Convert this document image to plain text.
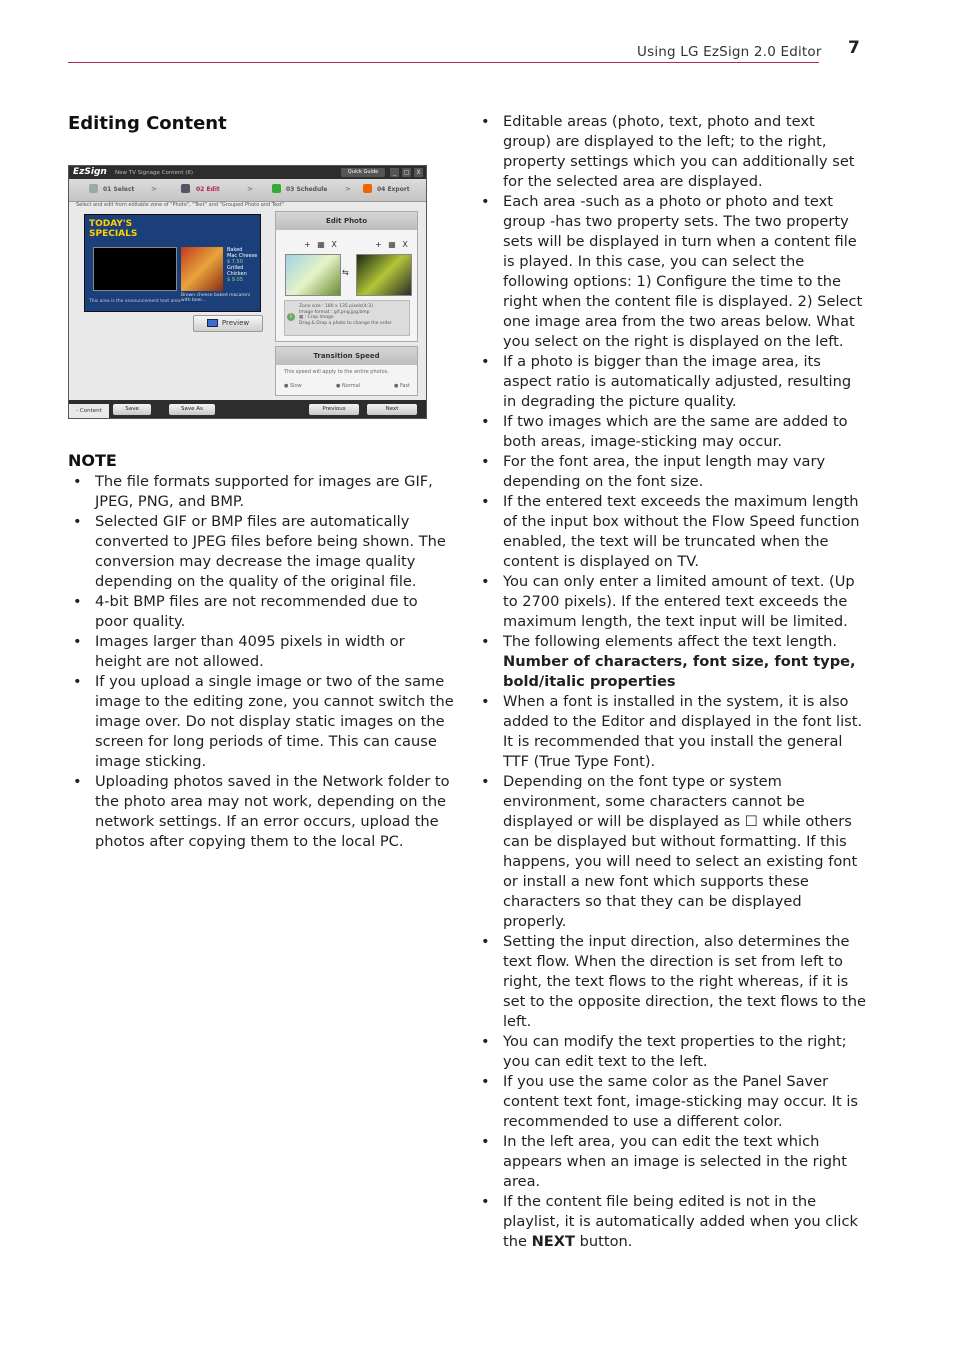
Using LG EzSign 2.0 Editor 7
Editing Content
EzSign New TV Signage Content (6)	Quick Guide	_	□	X
01 Select >	02 Edit	>	03 Schedule	>	04 Export
Select and edit from editable zone of "Photo", "Text" and "Grouped Photo and Text"
TODAY'S
SPECIALS
Baked
Mac Cheese
$ 7.50
Grilled
Chicken
$ 9.05
This area is the announcement text area
Brown cheese baked macaroni with beer...
Preview
Edit Photo
+ ▦ X	+ ▦ X
⇆
i
Zone size : 180 x 135 pixels(4:3)
Image format : gif,png,jpg,bmp
▦ : Crop Image
Drag & Drop a photo to change the order
Transition Speed
This speed will apply to the entire photos.
● Slow	● Normal	● Fast
- Content	Save	Save As	Previous	Next
NOTE
• The file formats supported for images are GIF, JPEG, PNG, and BMP.
• Selected GIF or BMP files are automatically converted to JPEG files before being shown. The conversion may decrease the image quality depending on the quality of the original file.
• 4-bit BMP files are not recommended due to poor quality.
• Images larger than 4095 pixels in width or height are not allowed.
• If you upload a single image or two of the same image to the editing zone, you cannot switch the image over. Do not display static images on the screen for long periods of time. This can cause image sticking.
• Uploading photos saved in the Network folder to the photo area may not work, depending on the network settings. If an error occurs, upload the photos after copying them to the local PC.
• Editable areas (photo, text, photo and text group) are displayed to the left; to the right, property settings which you can additionally set for the selected area are displayed.
• Each area -such as a photo or photo and text group -has two property sets. The two property sets will be displayed in turn when a content file is played. In this case, you can select the following options: 1) Configure the time to the right when the content file is displayed. 2) Select one image area from the two areas below. What you select on the right is displayed on the left.
• If a photo is bigger than the image area, its aspect ratio is automatically adjusted, resulting in degrading the picture quality.
• If two images which are the same are added to both areas, image-sticking may occur.
• For the font area, the input length may vary depending on the font size.
• If the entered text exceeds the maximum length of the input box without the Flow Speed function enabled, the text will be truncated when the content is displayed on TV.
• You can only enter a limited amount of text. (Up to 2700 pixels). If the entered text exceeds the maximum length, the text input will be limited.
• The following elements affect the text length.
Number of characters, font size, font type, bold/italic properties
• When a font is installed in the system, it is also added to the Editor and displayed in the font list. It is recommended that you install the general TTF (True Type Font).
• Depending on the font type or system environment, some characters cannot be displayed or will be displayed as ☐ while others can be displayed but without formatting. If this happens, you will need to select an existing font or install a new font which supports these characters so that they can be displayed properly.
• Setting the input direction, also determines the text flow. When the direction is set from left to right, the text flows to the right whereas, if it is set to the opposite direction, the text flows to the left.
• You can modify the text properties to the right; you can edit text to the left.
• If you use the same color as the Panel Saver content text font, image-sticking may occur. It is recommended to use a different color.
• In the left area, you can edit the text which appears when an image is selected in the right area.
• If the content file being edited is not in the playlist, it is automatically added when you click the NEXT button.
